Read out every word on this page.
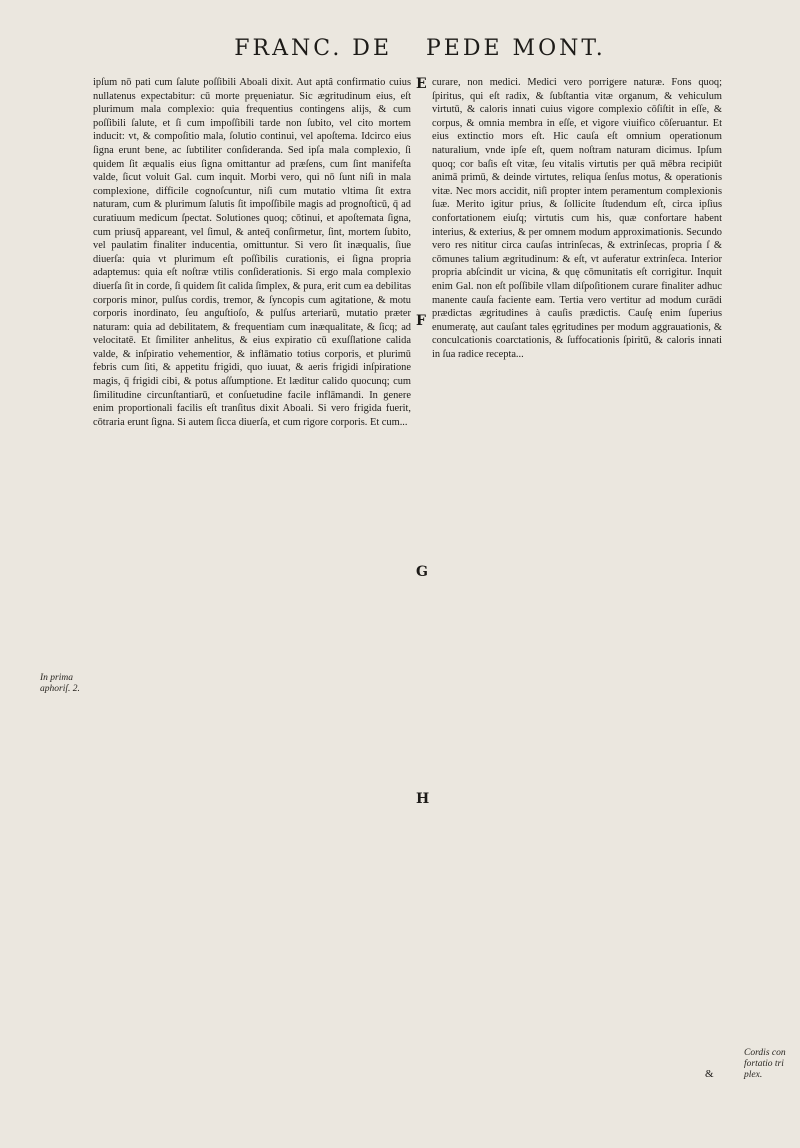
FRANC. DE PEDE MONT.

ipſum nō pati cum ſalute poſſibili Aboali dixit. Aut aptâ confirmatio cuius nullatenus expectabitur: cū morte pręueniatur. Sic ægritudinum eius, eſt plurimum mala complexio: quia frequentius contingens alijs, & cum poſſibili ſalute, et ſi cum impoſſibili tarde non ſubito, vel cito mortem inducit: vt, & compoſitio mala, ſolutio continui, vel apoſtema. Idcirco eius ſigna erunt bene, ac ſubtiliter conſideranda. Sed ipſa mala complexio, ſi quidem ſit æqualis eius ſigna omittantur ad præſens, cum ſint manifeſta valde, ſicut voluit Gal. cum inquit. Morbi vero, qui nō ſunt niſi in mala complexione, difficile cognoſcuntur, niſi cum mutatio vltima ſit extra naturam, cum & plurimum ſalutis ſit impoſſibile magis ad prognoſticū, q̄ ad curatiuum medicum ſpectat. Solutiones quoq; cōtinui, et apoſtemata ſigna, cum priusq̄ appareant, vel ſimul, & anteq̄ conſirmetur, ſint, mortem ſubito, vel paulatim finaliter inducentia, omittuntur. Si vero ſit inæqualis, ſiue diuerſa: quia vt plurimum eſt poſſibilis curationis, ei ſigna propria adaptemus: quia eſt noſtræ vtilis conſiderationis. Si ergo mala complexio diuerſa ſit in corde, ſi quidem ſit calida ſimplex, & pura, erit cum ea debilitas corporis minor, pulſus cordis, tremor, & ſyncopis cum agitatione, & motu corporis inordinato, ſeu anguſtioſo, & pulſus arteriarū, mutatio præter naturam: quia ad debilitatem, & frequentiam cum inæqualitate, & ſicq; ad velocitatē. Et ſimiliter anhelitus, & eius expiratio cū exuſſlatione calida valde, & inſpiratio vehementior, & inflāmatio totius corporis, et plurimū febris cum ſiti, & appetitu frigidi, quo iuuat, & aeris frigidi inſpiratione magis, q̄ frigidi cibi, & potus aſſumptione. Et læditur calido quocunq; cum ſimilitudine circunſtantiarū, et conſuetudine facile inflāmandi. In genere enim proportionali facilis eſt tranſitus dixit Aboali. Si vero frigida fuerit, cōtraria erunt ſigna. Si autem ſicca diuerſa, et cum rigore corporis. Et cum...

curare, non medici. Medici vero porrigere naturæ. Fons quoq; ſpiritus, qui eſt radix, & ſubſtantia vitæ organum, & vehiculum virtutū, & caloris innati cuius vigore complexio cōſiſtit in eſſe, & corpus, & omnia membra in eſſe, et vigore viuifico cōſeruantur. Et eius extinctio mors eſt. Hic cauſa eſt omnium operationum naturalium, vnde ipſe eſt, quem noſtram naturam dicimus. Ipſum quoq; cor baſis eſt vitæ, ſeu vitalis virtutis per quā mēbra recipiūt animā primū, & deinde virtutes, reliqua ſenſus motus, & operationis vitæ. Nec mors accidit, niſi propter intem peramentum complexionis ſuæ. Merito igitur prius, & ſollicite ſtudendum eſt, circa ipſius confortationem eiuſq; virtutis cum his, quæ confortare habent interius, & exterius, & per omnem modum approximationis. Secundo vero res nititur circa cauſas intrinſecas, & extrinſecas, propria ſ & cōmunes talium ægritudinum: & eſt, vt auferatur extrinſeca. Interior propria abſcindit ur vicina, & quę cōmunitatis eſt corrigitur. Inquit enim Gal. non eſt poſſibile vllam diſpoſitionem curare finaliter adhuc manente cauſa faciente eam. Tertia vero vertitur ad modum curādi prædictas ægritudines à cauſis prædictis. Cauſę enim ſuperius enumeratę, aut cauſant tales ęgritudines per modum aggrauationis, & conculcationis coarctationis, & ſuffocationis ſpiritū, & caloris innati in ſua radice recepta...

E
F
G
H
In prima aphoriſ. 2.
Cordis con fortatio tri plex.
&
